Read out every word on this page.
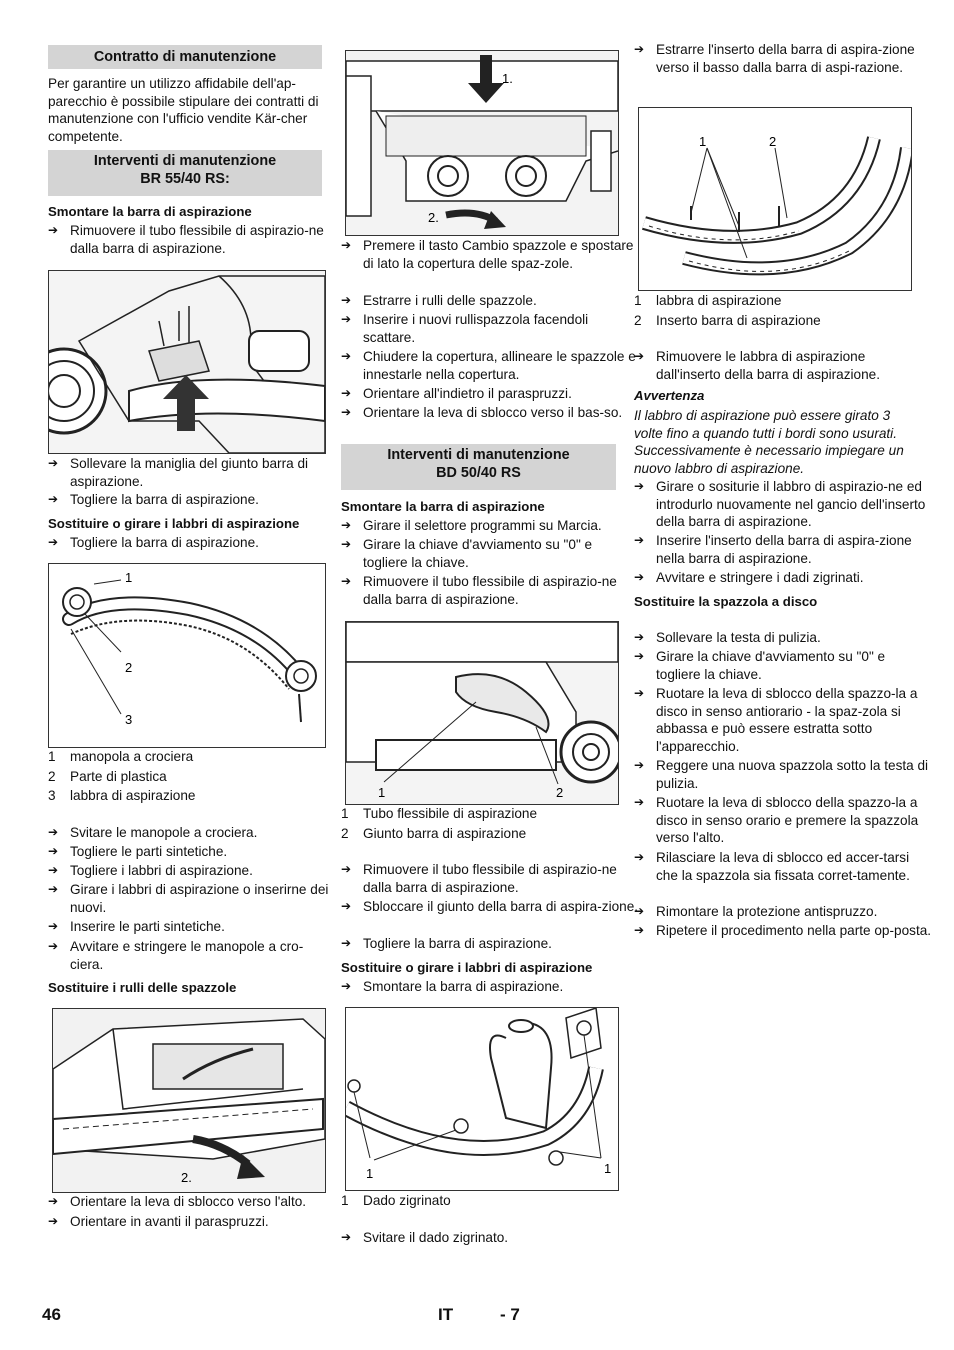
Contratto di manutenzione
Per garantire un utilizzo affidabile dell'ap-parecchio è possibile stipulare dei contratti di manutenzione con l'ufficio vendite Kär-cher competente.
Interventi di manutenzione
BR 55/40 RS:
Smontare la barra di aspirazione
➔ Rimuovere il tubo flessibile di aspirazio-ne dalla barra di aspirazione.
➔ Sollevare la maniglia del giunto barra di aspirazione.
➔ Togliere la barra di aspirazione.
Sostituire o girare i labbri di aspirazione
➔ Togliere la barra di aspirazione.
1
2
3
1 manopola a crociera
2 Parte di plastica
3 labbra di aspirazione
➔ Svitare le manopole a crociera.
➔ Togliere le parti sintetiche.
➔ Togliere i labbri di aspirazione.
➔ Girare i labbri di aspirazione o inserirne dei nuovi.
➔ Inserire le parti sintetiche.
➔ Avvitare e stringere le manopole a cro-ciera.
Sostituire i rulli delle spazzole
2.
➔ Orientare la leva di sblocco verso l'alto.
➔ Orientare in avanti il paraspruzzi.
1.
2.
➔ Premere il tasto Cambio spazzole e spostare di lato la copertura delle spaz-zole.
➔ Estrarre i rulli delle spazzole.
➔ Inserire i nuovi rullispazzola facendoli scattare.
➔ Chiudere la copertura, allineare le spazzole e innestarle nella copertura.
➔ Orientare all'indietro il paraspruzzi.
➔ Orientare la leva di sblocco verso il bas-so.
Interventi di manutenzione
BD 50/40 RS
Smontare la barra di aspirazione
➔ Girare il selettore programmi su Marcia.
➔ Girare la chiave d'avviamento su "0" e togliere la chiave.
➔ Rimuovere il tubo flessibile di aspirazio-ne dalla barra di aspirazione.
1	2
1 Tubo flessibile di aspirazione
2 Giunto barra di aspirazione
➔ Rimuovere il tubo flessibile di aspirazio-ne dalla barra di aspirazione.
➔ Sbloccare il giunto della barra di aspira-zione.
➔ Togliere la barra di aspirazione.
Sostituire o girare i labbri di aspirazione
➔ Smontare la barra di aspirazione.
1	1
1 Dado zigrinato
➔ Svitare il dado zigrinato.
➔ Estrarre l'inserto della barra di aspira-zione verso il basso dalla barra di aspi-razione.
1	2
1 labbra di aspirazione
2 Inserto barra di aspirazione
➔ Rimuovere le labbra di aspirazione dall'inserto della barra di aspirazione.
Avvertenza
Il labbro di aspirazione può essere girato 3 volte fino a quando tutti i bordi sono usurati. Successivamente è necessario impiegare un nuovo labbro di aspirazione.
➔ Girare o sositurie il labbro di aspirazio-ne ed introdurlo nuovamente nel gancio dell'inserto della barra di aspirazione.
➔ Inserire l'inserto della barra di aspira-zione nella barra di aspirazione.
➔ Avvitare e stringere i dadi zigrinati.
Sostituire la spazzola a disco
➔ Sollevare la testa di pulizia.
➔ Girare la chiave d'avviamento su "0" e togliere la chiave.
➔ Ruotare la leva di sblocco della spazzo-la a disco in senso antiorario - la spaz-zola si abbassa e può essere estratta sotto l'apparecchio.
➔ Reggere una nuova spazzola sotto la testa di pulizia.
➔ Ruotare la leva di sblocco della spazzo-la a disco in senso orario e premere la spazzola verso l'alto.
➔ Rilasciare la leva di sblocco ed accer-tarsi che la spazzola sia fissata corret-tamente.
➔ Rimontare la protezione antispruzzo.
➔ Ripetere il procedimento nella parte op-posta.
46	IT	- 7
